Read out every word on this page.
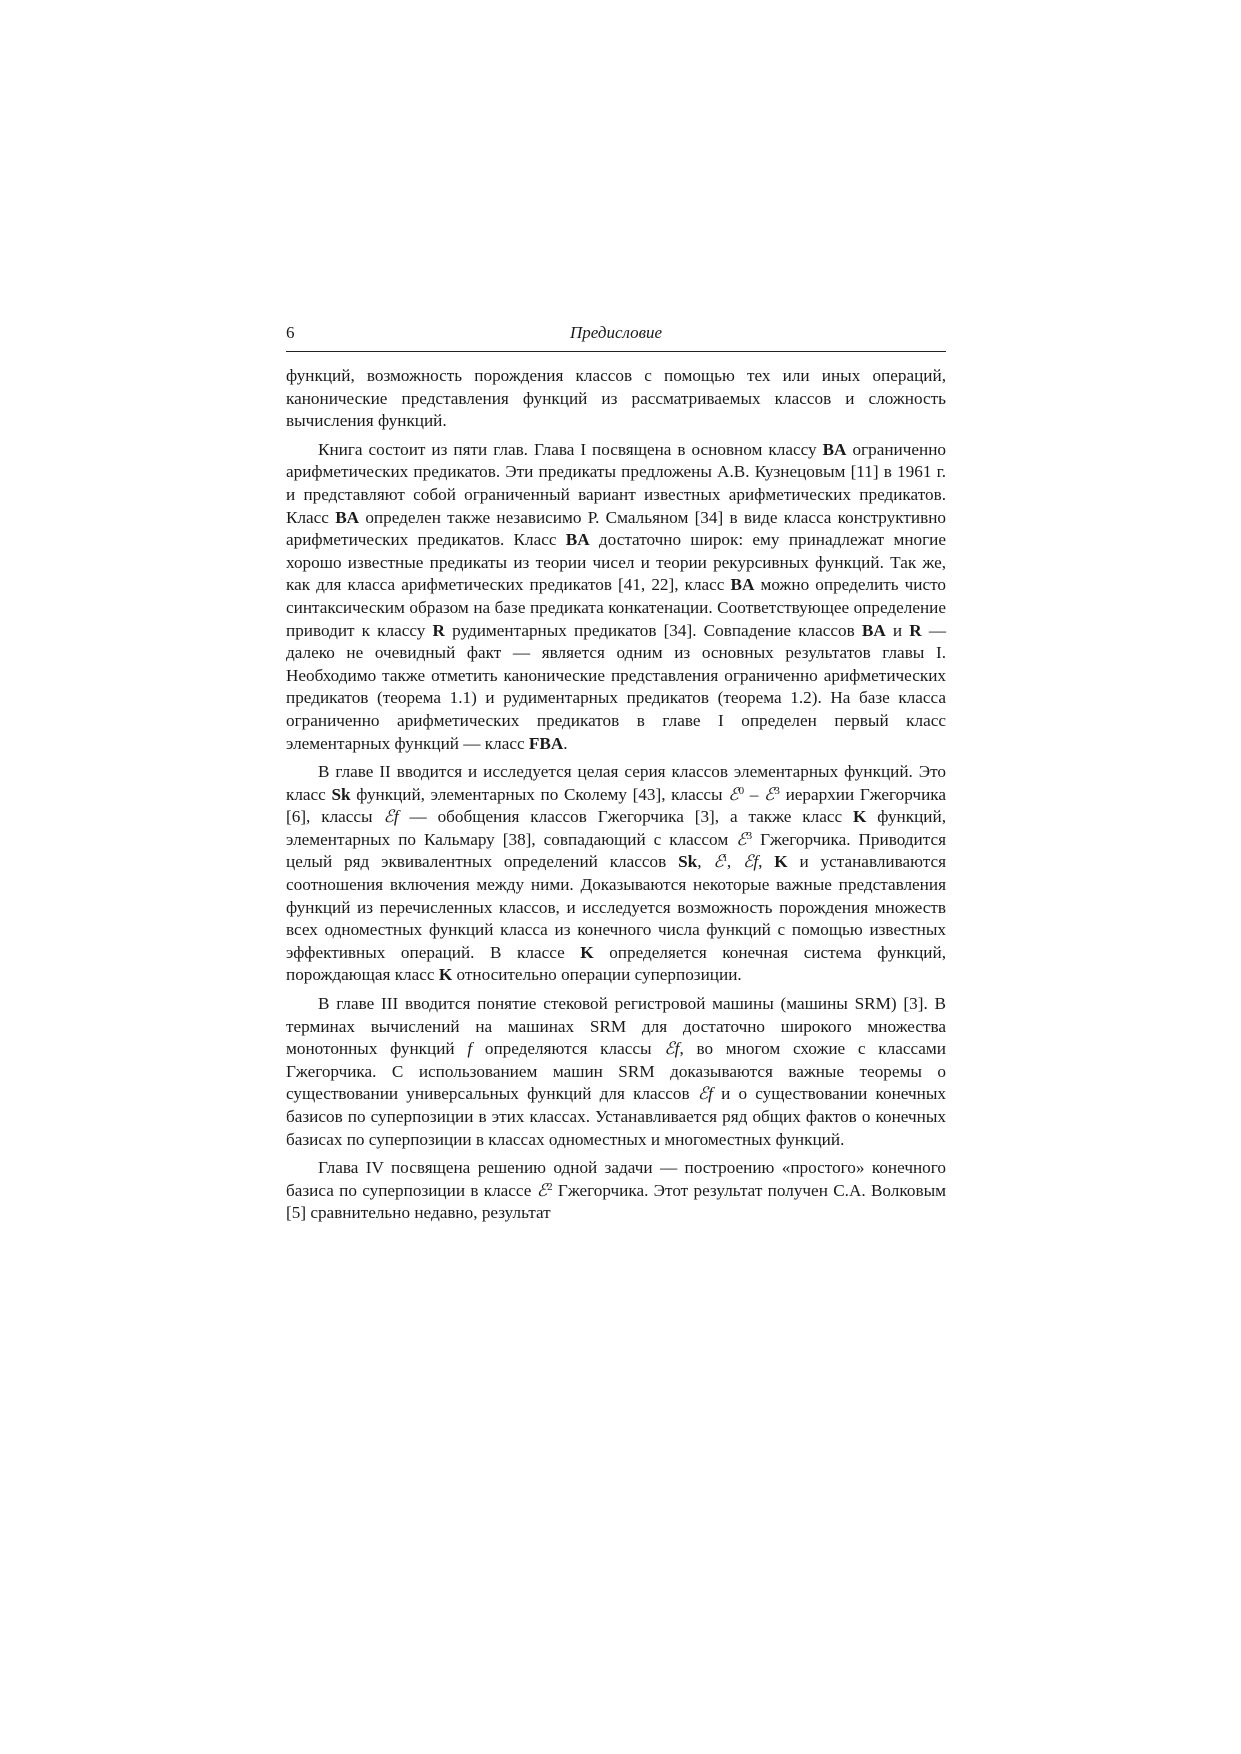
6	Предисловие

функций, возможность порождения классов с помощью тех или иных операций, канонические представления функций из рассматриваемых классов и сложность вычисления функций.

Книга состоит из пяти глав. Глава I посвящена в основном классу BA ограниченно арифметических предикатов. Эти предикаты предложены А.В. Кузнецовым [11] в 1961 г. и представляют собой ограниченный вариант известных арифметических предикатов. Класс BA определен также независимо Р. Смальяном [34] в виде класса конструктивно арифметических предикатов. Класс BA достаточно широк: ему принадлежат многие хорошо известные предикаты из теории чисел и теории рекурсивных функций. Так же, как для класса арифметических предикатов [41, 22], класс BA можно определить чисто синтаксическим образом на базе предиката конкатенации. Соответствующее определение приводит к классу R рудиментарных предикатов [34]. Совпадение классов BA и R — далеко не очевидный факт — является одним из основных результатов главы I. Необходимо также отметить канонические представления ограниченно арифметических предикатов (теорема 1.1) и рудиментарных предикатов (теорема 1.2). На базе класса ограниченно арифметических предикатов в главе I определен первый класс элементарных функций — класс FBA.

В главе II вводится и исследуется целая серия классов элементарных функций. Это класс Sk функций, элементарных по Сколему [43], классы ℰ$^0$ – ℰ$^3$ иерархии Гжегорчика [6], классы ℰf — обобщения классов Гжегорчика [3], а также класс K функций, элементарных по Кальмару [38], совпадающий с классом ℰ$^3$ Гжегорчика. Приводится целый ряд эквивалентных определений классов Sk, ℰ$^i$, ℰf, K и устанавливаются соотношения включения между ними. Доказываются некоторые важные представления функций из перечисленных классов, и исследуется возможность порождения множеств всех одноместных функций класса из конечного числа функций с помощью известных эффективных операций. В классе K определяется конечная система функций, порождающая класс K относительно операции суперпозиции.

В главе III вводится понятие стековой регистровой машины (машины SRM) [3]. В терминах вычислений на машинах SRM для достаточно широкого множества монотонных функций f определяются классы ℰf, во многом схожие с классами Гжегорчика. С использованием машин SRM доказываются важные теоремы о существовании универсальных функций для классов ℰf и о существовании конечных базисов по суперпозиции в этих классах. Устанавливается ряд общих фактов о конечных базисах по суперпозиции в классах одноместных и многоместных функций.

Глава IV посвящена решению одной задачи — построению «простого» конечного базиса по суперпозиции в классе ℰ$^2$ Гжегорчика. Этот результат получен С.А. Волковым [5] сравнительно недавно, результат
